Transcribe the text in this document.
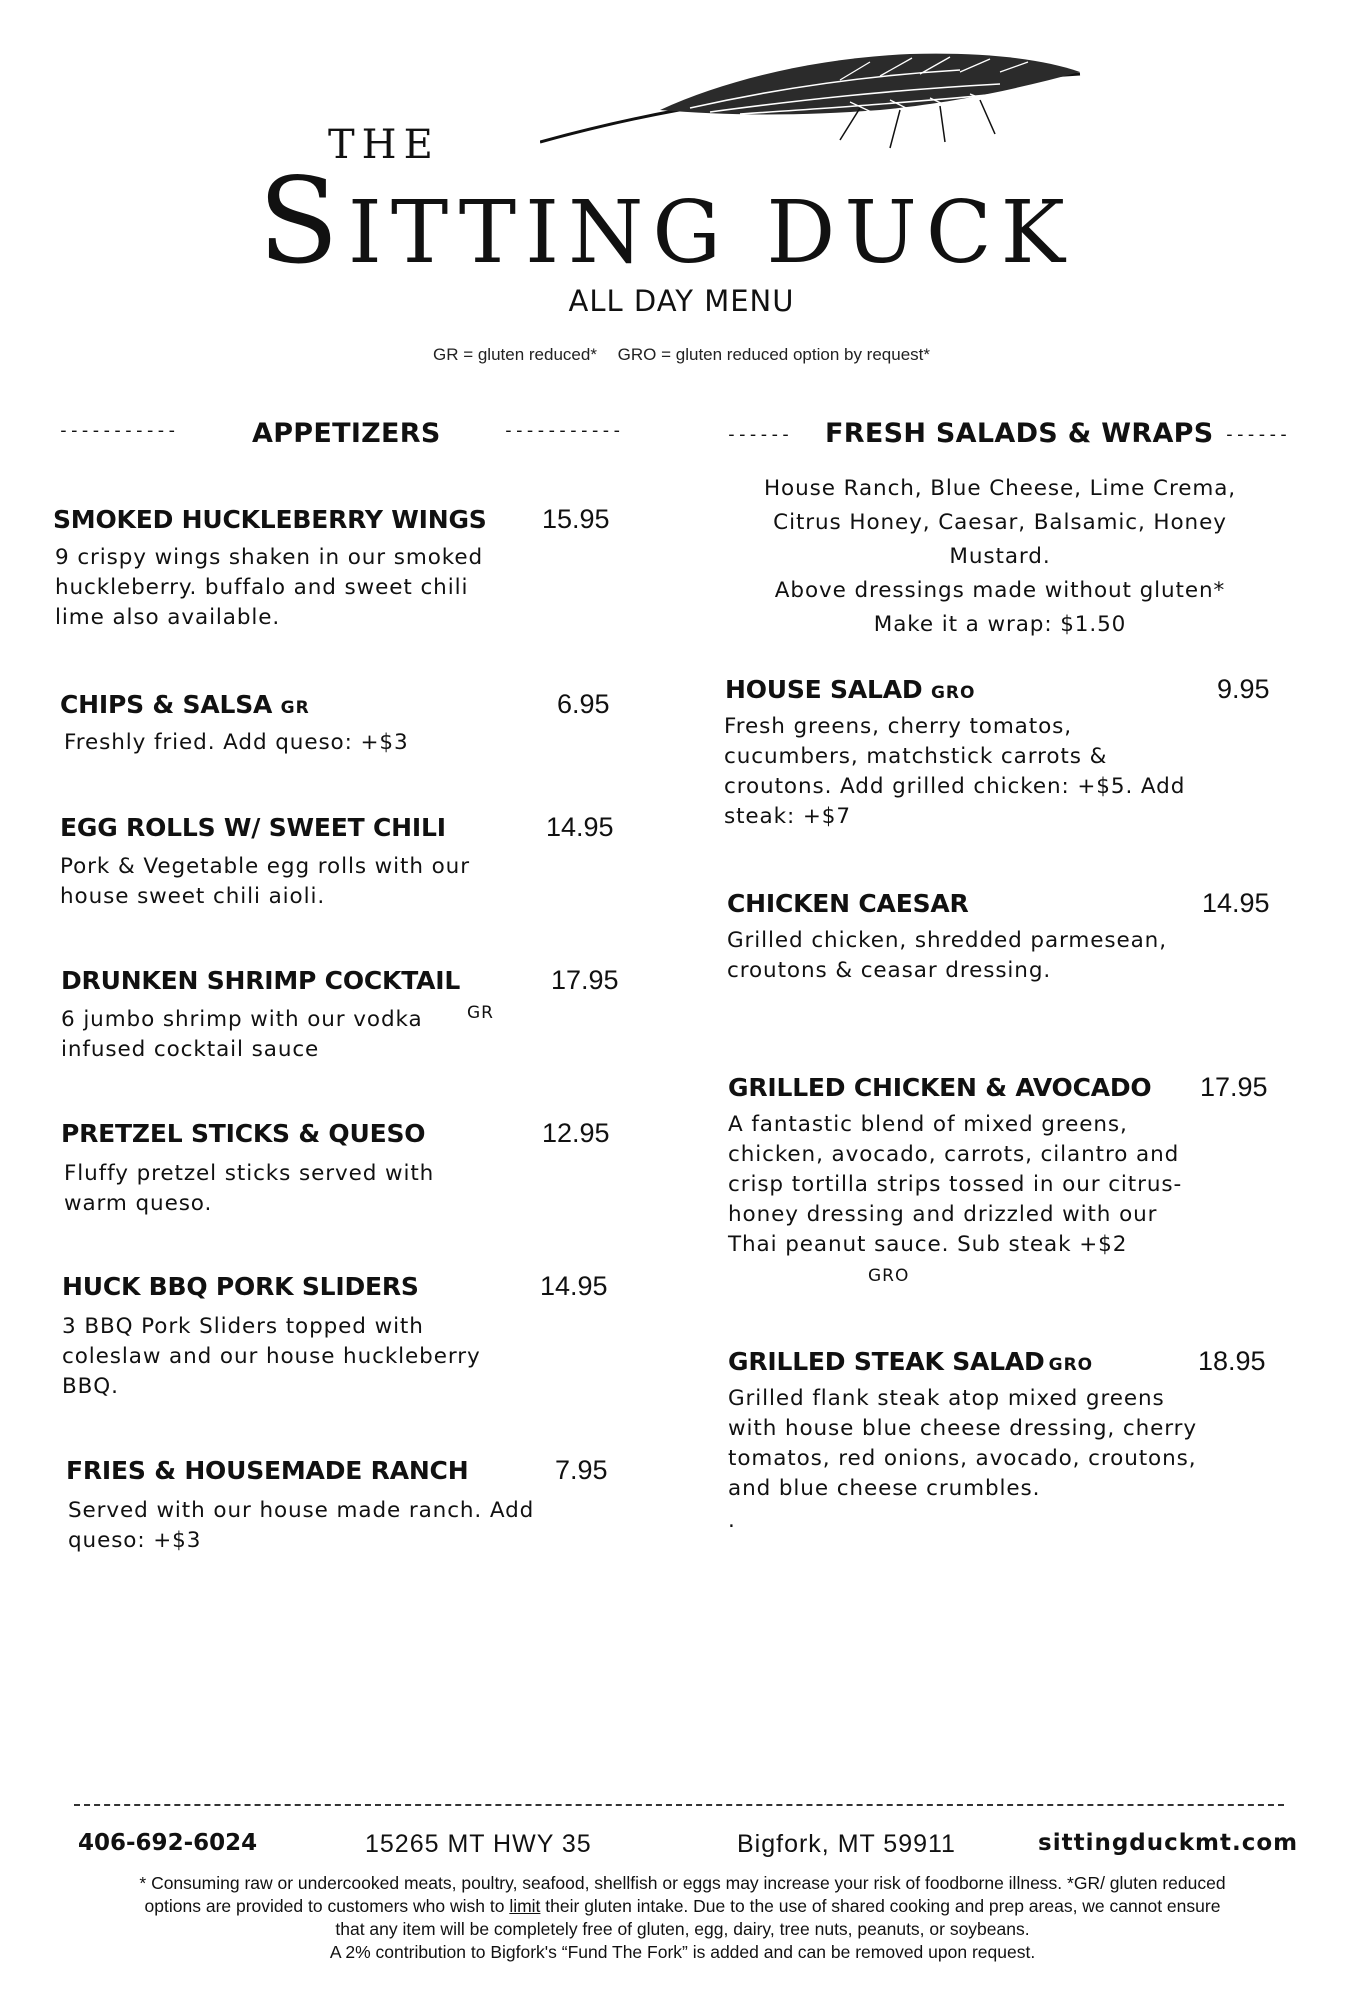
THE
SITTING DUCK
ALL DAY MENU
GR = gluten reduced* GRO = gluten reduced option by request*
-----------	APPETIZERS	-----------	------ FRESH SALADS & WRAPS ------
SMOKED HUCKLEBERRY WINGS 15.95
9 crispy wings shaken in our smoked huckleberry. buffalo and sweet chili lime also available.
CHIPS & SALSA GR	6.95
Freshly fried. Add queso: +$3
EGG ROLLS W/ SWEET CHILI	14.95
Pork & Vegetable egg rolls with our house sweet chili aioli.
DRUNKEN SHRIMP COCKTAIL	17.95
6 jumbo shrimp with our vodka infused cocktail sauce
GR
PRETZEL STICKS & QUESO	12.95
Fluffy pretzel sticks served with warm queso.
HUCK BBQ PORK SLIDERS	14.95
3 BBQ Pork Sliders topped with coleslaw and our house huckleberry BBQ.
FRIES & HOUSEMADE RANCH	7.95
Served with our house made ranch. Add queso: +$3
House Ranch, Blue Cheese, Lime Crema,
Citrus Honey, Caesar, Balsamic, Honey
Mustard.
Above dressings made without gluten*
Make it a wrap: $1.50
HOUSE SALAD GRO	9.95
Fresh greens, cherry tomatos, cucumbers, matchstick carrots & croutons. Add grilled chicken: +$5. Add steak: +$7
CHICKEN CAESAR	14.95
Grilled chicken, shredded parmesean, croutons & ceasar dressing.
GRILLED CHICKEN & AVOCADO 17.95
A fantastic blend of mixed greens, chicken, avocado, carrots, cilantro and crisp tortilla strips tossed in our citrus-honey dressing and drizzled with our Thai peanut sauce. Sub steak +$2
GRO
GRILLED STEAK SALAD GRO	18.95
Grilled flank steak atop mixed greens with house blue cheese dressing, cherry tomatos, red onions, avocado, croutons, and blue cheese crumbles.
.
406-692-6024	15265 MT HWY 35	Bigfork, MT 59911	sittingduckmt.com
* Consuming raw or undercooked meats, poultry, seafood, shellfish or eggs may increase your risk of foodborne illness. *GR/ gluten reduced
options are provided to customers who wish to limit their gluten intake. Due to the use of shared cooking and prep areas, we cannot ensure
that any item will be completely free of gluten, egg, dairy, tree nuts, peanuts, or soybeans.
A 2% contribution to Bigfork's “Fund The Fork” is added and can be removed upon request.
